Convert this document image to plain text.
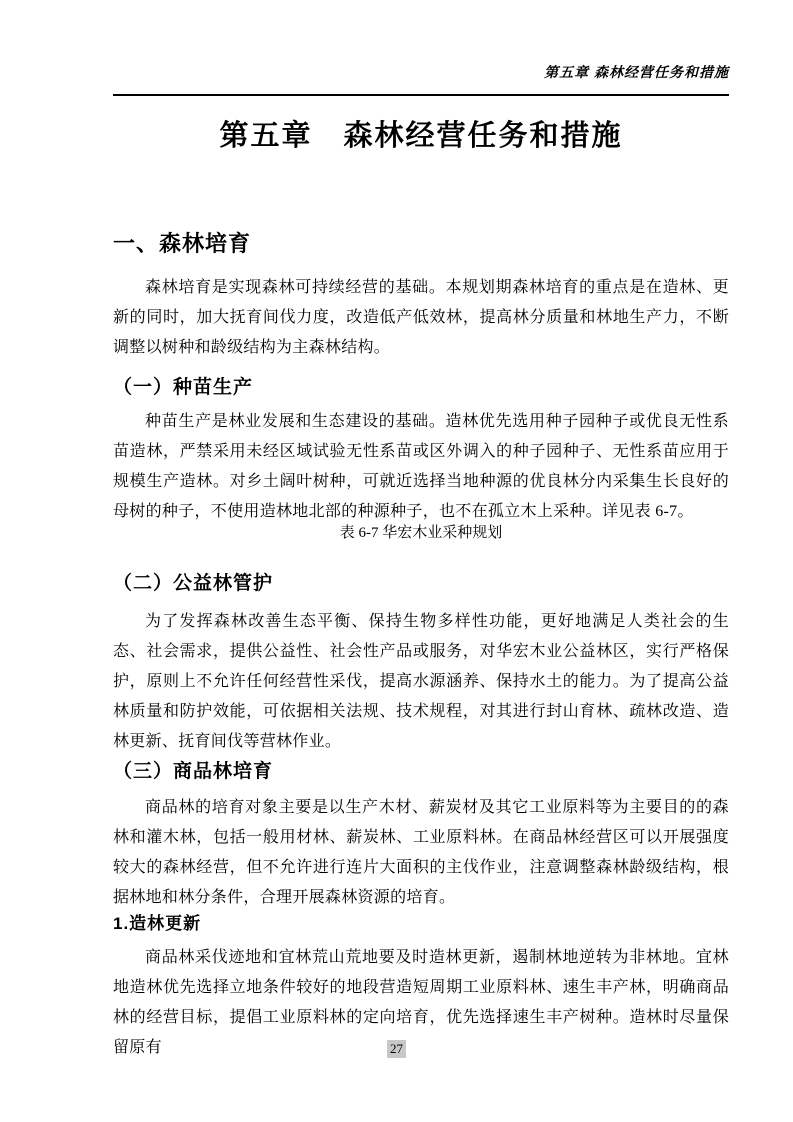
第五章 森林经营任务和措施
第五章　森林经营任务和措施
一、森林培育

森林培育是实现森林可持续经营的基础。本规划期森林培育的重点是在造林、更新的同时，加大抚育间伐力度，改造低产低效林，提高林分质量和林地生产力，不断调整以树种和龄级结构为主森林结构。

（一）种苗生产

种苗生产是林业发展和生态建设的基础。造林优先选用种子园种子或优良无性系苗造林，严禁采用未经区域试验无性系苗或区外调入的种子园种子、无性系苗应用于规模生产造林。对乡土阔叶树种，可就近选择当地种源的优良林分内采集生长良好的母树的种子，不使用造林地北部的种源种子，也不在孤立木上采种。详见表 6-7。

表 6-7 华宏木业采种规划
（二）公益林管护

为了发挥森林改善生态平衡、保持生物多样性功能，更好地满足人类社会的生态、社会需求，提供公益性、社会性产品或服务，对华宏木业公益林区，实行严格保护，原则上不允许任何经营性采伐，提高水源涵养、保持水土的能力。为了提高公益林质量和防护效能，可依据相关法规、技术规程，对其进行封山育林、疏林改造、造林更新、抚育间伐等营林作业。

（三）商品林培育

商品林的培育对象主要是以生产木材、薪炭材及其它工业原料等为主要目的的森林和灌木林，包括一般用材林、薪炭林、工业原料林。在商品林经营区可以开展强度较大的森林经营，但不允许进行连片大面积的主伐作业，注意调整森林龄级结构，根据林地和林分条件，合理开展森林资源的培育。

1.造林更新

商品林采伐迹地和宜林荒山荒地要及时造林更新，遏制林地逆转为非林地。宜林地造林优先选择立地条件较好的地段营造短周期工业原料林、速生丰产林，明确商品林的经营目标，提倡工业原料林的定向培育，优先选择速生丰产树种。造林时尽量保留原有	27
